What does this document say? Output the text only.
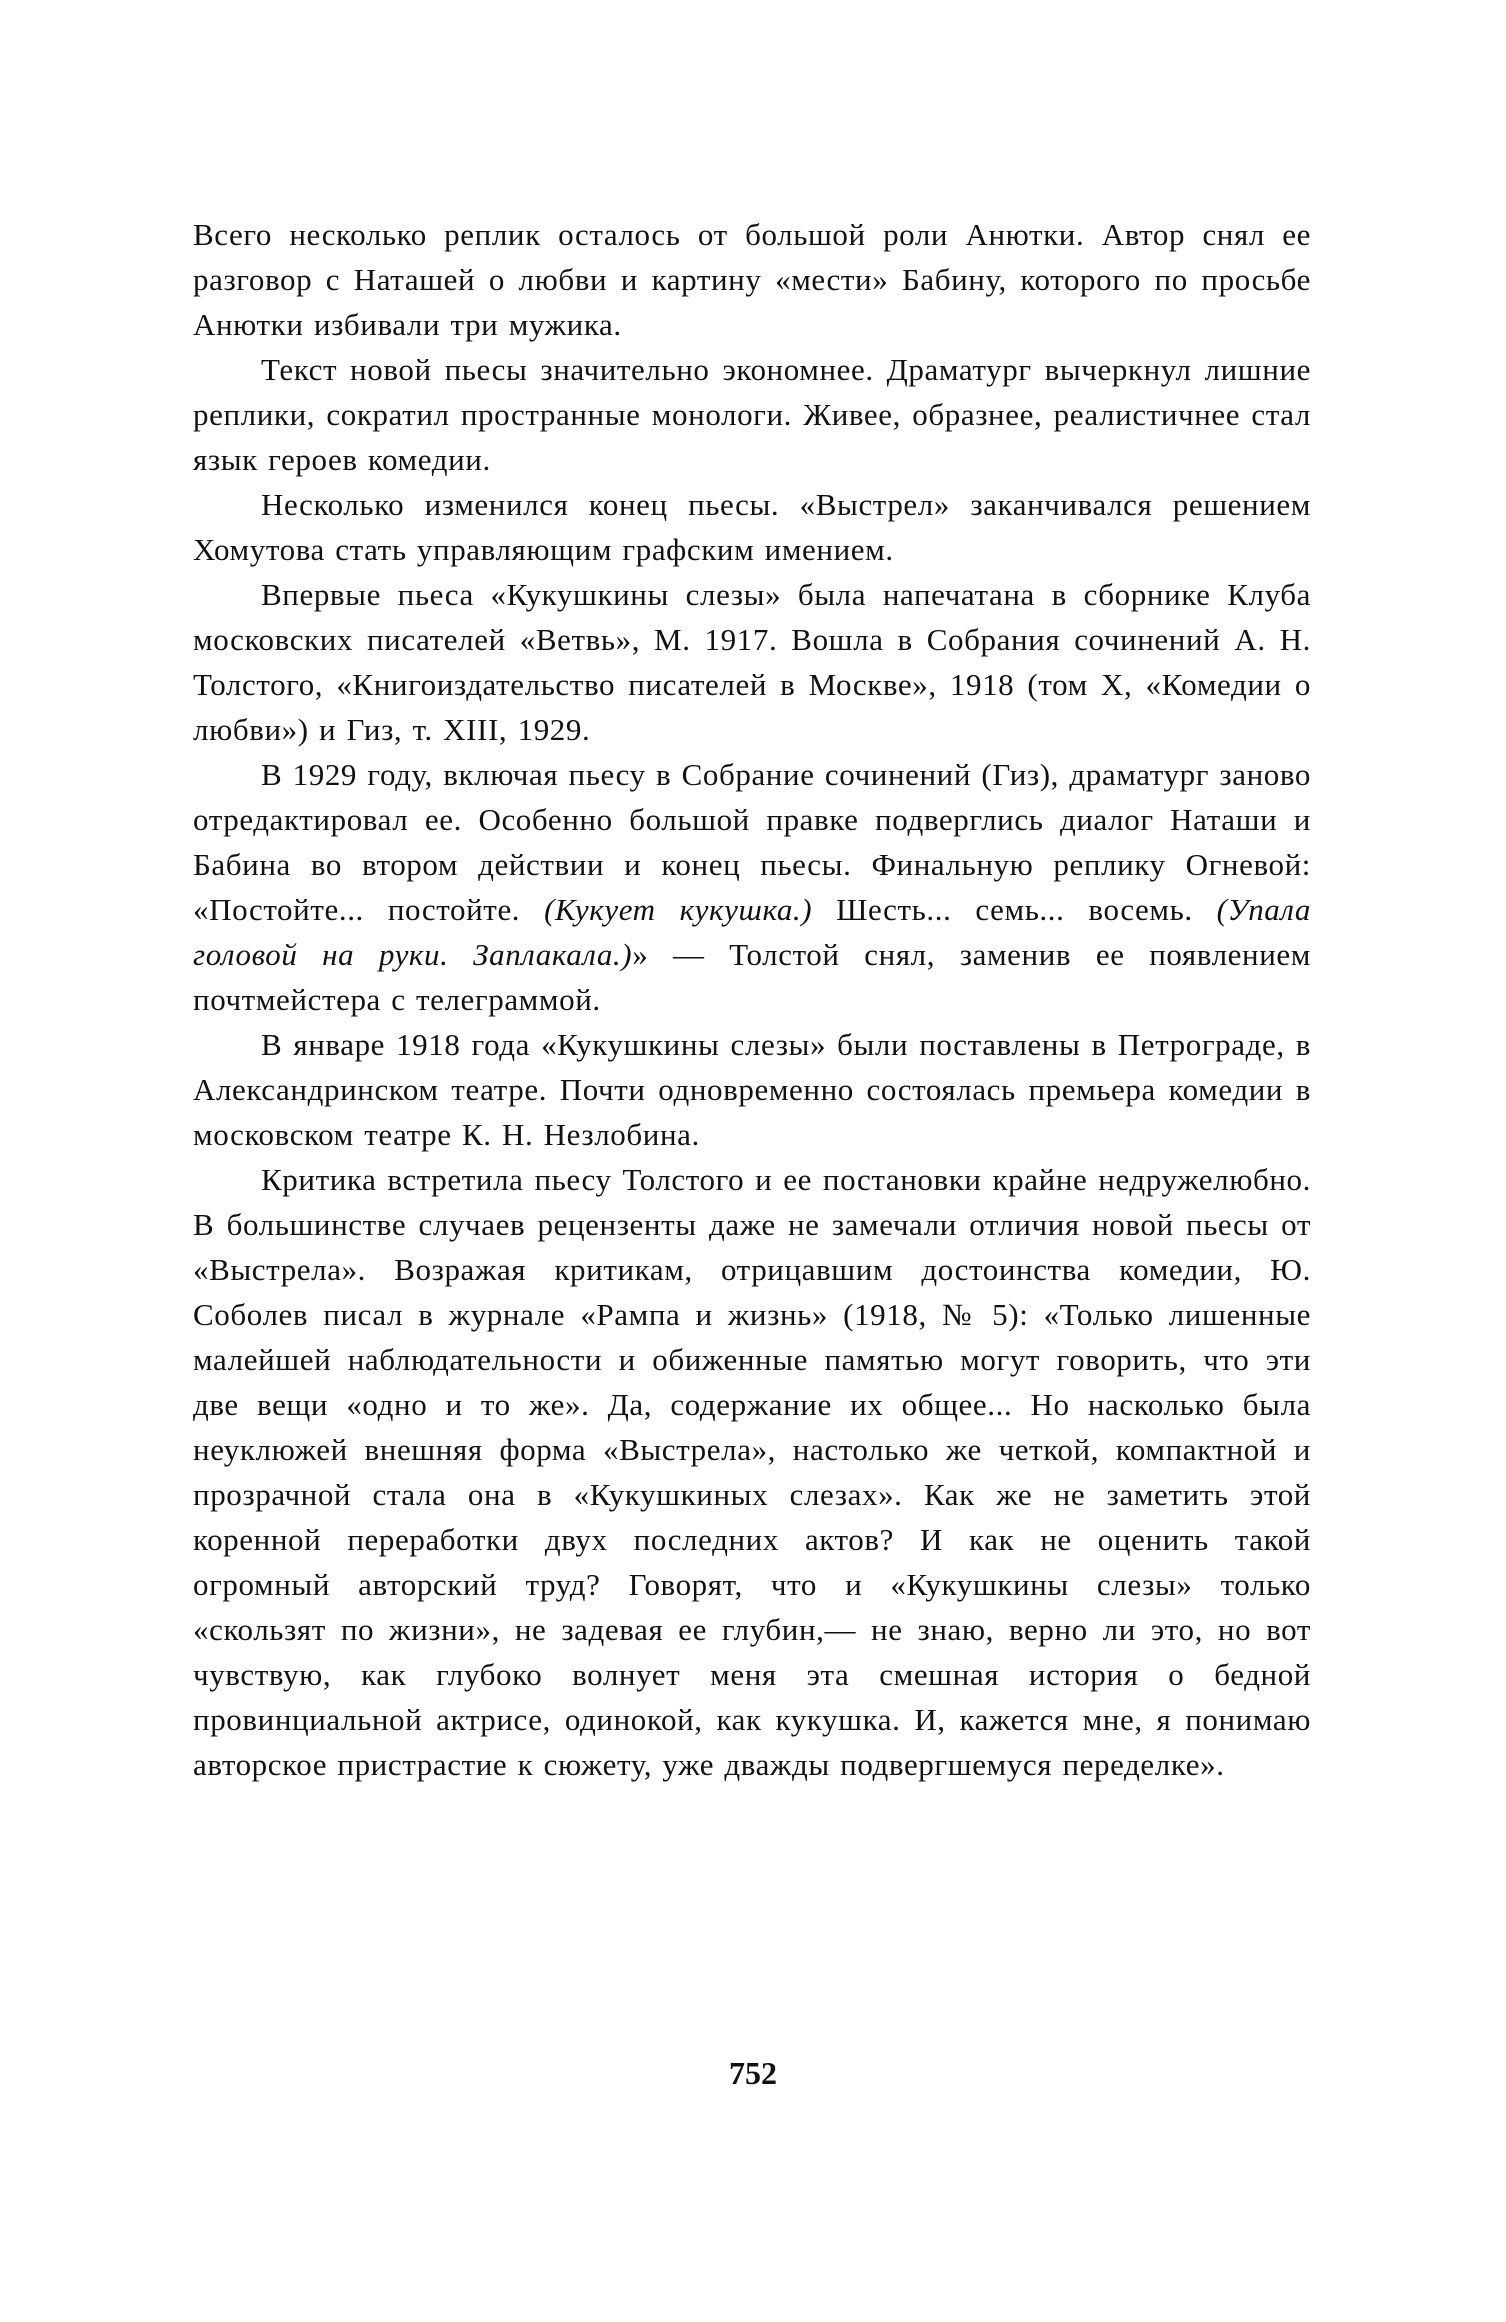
Всего несколько реплик осталось от большой роли Анютки. Автор снял ее разговор с Наташей о любви и картину «мести» Бабину, которого по просьбе Анютки избивали три мужика.

Текст новой пьесы значительно экономнее. Драматург вычеркнул лишние реплики, сократил пространные монологи. Живее, образнее, реалистичнее стал язык героев комедии.

Несколько изменился конец пьесы. «Выстрел» заканчивался решением Хомутова стать управляющим графским имением.

Впервые пьеса «Кукушкины слезы» была напечатана в сборнике Клуба московских писателей «Ветвь», М. 1917. Вошла в Собрания сочинений А. Н. Толстого, «Книгоиздательство писателей в Москве», 1918 (том X, «Комедии о любви») и Гиз, т. XIII, 1929.

В 1929 году, включая пьесу в Собрание сочинений (Гиз), драматург заново отредактировал ее. Особенно большой правке подверглись диалог Наташи и Бабина во втором действии и конец пьесы. Финальную реплику Огневой: «Постойте... постойте. (Кукует кукушка.) Шесть... семь... восемь. (Упала головой на руки. Заплакала.)» — Толстой снял, заменив ее появлением почтмейстера с телеграммой.

В январе 1918 года «Кукушкины слезы» были поставлены в Петрограде, в Александринском театре. Почти одновременно состоялась премьера комедии в московском театре К. Н. Незлобина.

Критика встретила пьесу Толстого и ее постановки крайне недружелюбно. В большинстве случаев рецензенты даже не замечали отличия новой пьесы от «Выстрела». Возражая критикам, отрицавшим достоинства комедии, Ю. Соболев писал в журнале «Рампа и жизнь» (1918, № 5): «Только лишенные малейшей наблюдательности и обиженные памятью могут говорить, что эти две вещи «одно и то же». Да, содержание их общее... Но насколько была неуклюжей внешняя форма «Выстрела», настолько же четкой, компактной и прозрачной стала она в «Кукушкиных слезах». Как же не заметить этой коренной переработки двух последних актов? И как не оценить такой огромный авторский труд? Говорят, что и «Кукушкины слезы» только «скользят по жизни», не задевая ее глубин,— не знаю, верно ли это, но вот чувствую, как глубоко волнует меня эта смешная история о бедной провинциальной актрисе, одинокой, как кукушка. И, кажется мне, я понимаю авторское пристрастие к сюжету, уже дважды подвергшемуся переделке».

752
